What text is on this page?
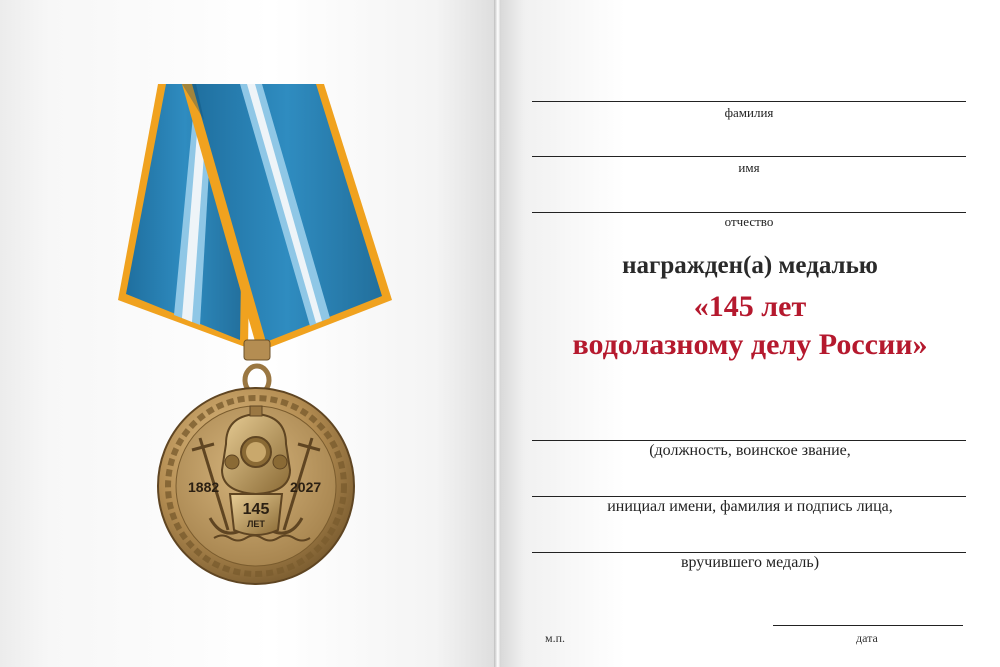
1882	2027
145
ЛЕТ
фамилия
имя
отчество
награжден(а) медалью
«145 лет
водолазному делу России»
(должность, воинское звание,
инициал имени, фамилия и подпись лица,
вручившего медаль)
м.п.	дата
